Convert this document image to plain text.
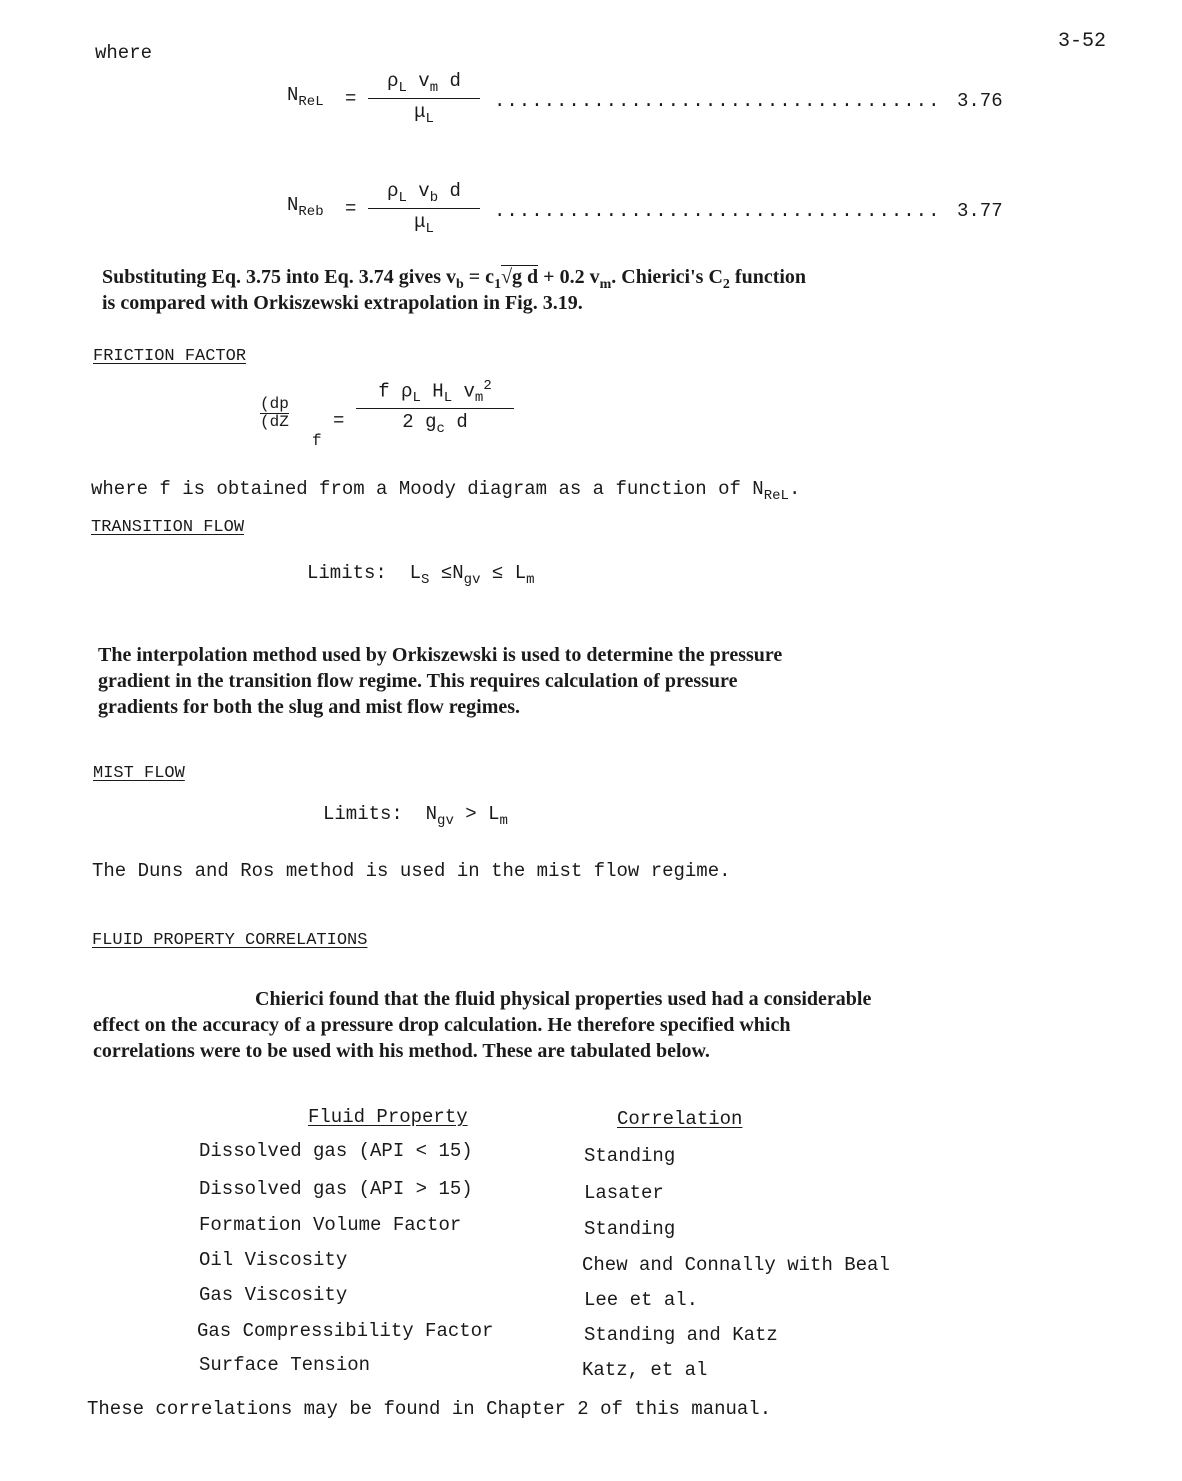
3-52
where
$N_{ReL}$ =
$\rho_L$ $v_m$ d
$\mu_L$
.................................... 3.76
$N_{Reb}$ =
$\rho_L$ $v_b$ d
$\mu_L$
.................................... 3.77
Substituting Eq. 3.75 into Eq. 3.74 gives $v_b = c_1√g$ d + 0.2 $v_m$. Chierici's $C_2$ function
is compared with Orkiszewski extrapolation in Fig. 3.19.
FRICTION FACTOR
(dp
(dZ
f
=
f $\rho_L$ $H_L$ $v_m^2$
2 $g_c$ d
where f is obtained from a Moody diagram as a function of $N_{ReL}$.
TRANSITION FLOW
Limits: $L_S \le N_{gv} \le L_m$
The interpolation method used by Orkiszewski is used to determine the pressure
gradient in the transition flow regime. This requires calculation of pressure
gradients for both the slug and mist flow regimes.
MIST FLOW
Limits: $N_{gv} > L_m$
The Duns and Ros method is used in the mist flow regime.
FLUID PROPERTY CORRELATIONS
Chierici found that the fluid physical properties used had a considerable
effect on the accuracy of a pressure drop calculation. He therefore specified which
correlations were to be used with his method. These are tabulated below.
Fluid Property	Correlation
Dissolved gas (API < 15)	Standing
Dissolved gas (API > 15)	Lasater
Formation Volume Factor	Standing
Oil Viscosity	Chew and Connally with Beal
Gas Viscosity	Lee et al.
Gas Compressibility Factor	Standing and Katz
Surface Tension	Katz, et al
These correlations may be found in Chapter 2 of this manual.
